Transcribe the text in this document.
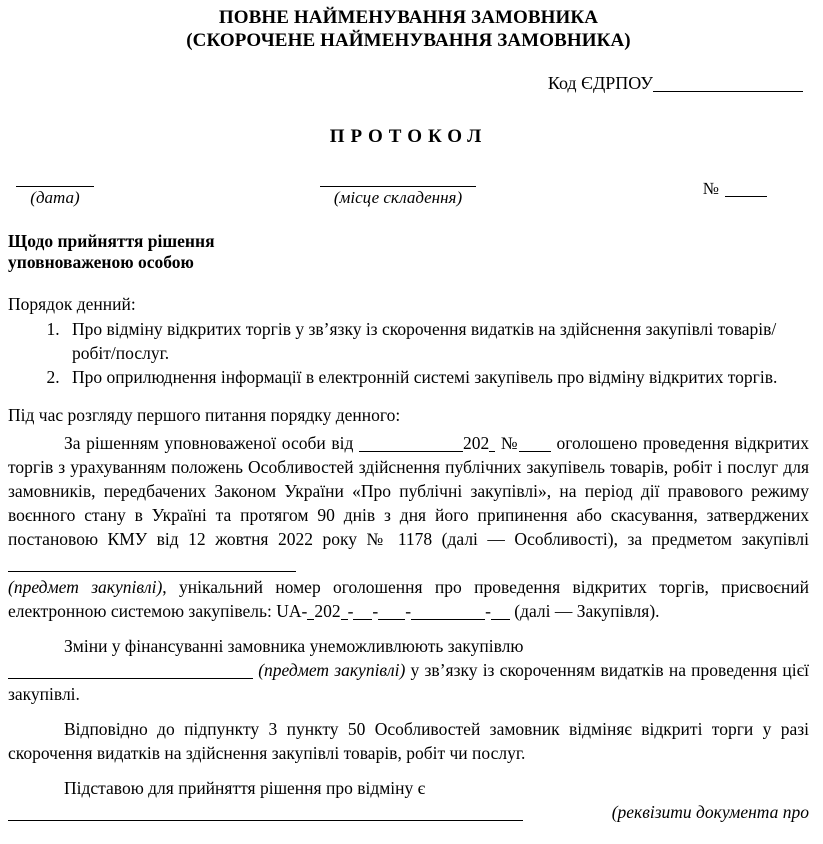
ПОВНЕ НАЙМЕНУВАННЯ ЗАМОВНИКА
(СКОРОЧЕНЕ НАЙМЕНУВАННЯ ЗАМОВНИКА)
Код ЄДРПОУ
ПРОТОКОЛ
(дата)	(місце складення)	№
Щодо прийняття рішення
уповноваженою особою
Порядок денний:
1. Про відміну відкритих торгів у зв’язку із скорочення видатків на здійснення закупівлі товарів/робіт/послуг.
2. Про оприлюднення інформації в електронній системі закупівель про відміну відкритих торгів.
Під час розгляду першого питання порядку денного:

За рішенням уповноваженої особи від	202 № оголошено проведення відкритих торгів з урахуванням положень Особливостей здійснення публічних закупівель товарів, робіт і послуг для замовників, передбачених Законом України «Про публічні закупівлі», на період дії правового режиму воєнного стану в Україні та протягом 90 днів з дня його припинення або скасування, затверджених постановою КМУ від 12 жовтня 2022 року № 1178 (далі — Особливості), за предметом закупівлі

(предмет закупівлі), унікальний номер оголошення про проведення відкритих торгів, присвоєний електронною системою закупівель: UA- 202 - - -	- (далі — Закупівля).

Зміни у фінансуванні замовника унеможливлюють закупівлю

(предмет закупівлі) у зв’язку із скороченням видатків на проведення цієї закупівлі.

Відповідно до підпункту 3 пункту 50 Особливостей замовник відміняє відкриті торги у разі скорочення видатків на здійснення закупівлі товарів, робіт чи послуг.

Підставою для прийняття рішення про відміну є

(реквізити документа про
